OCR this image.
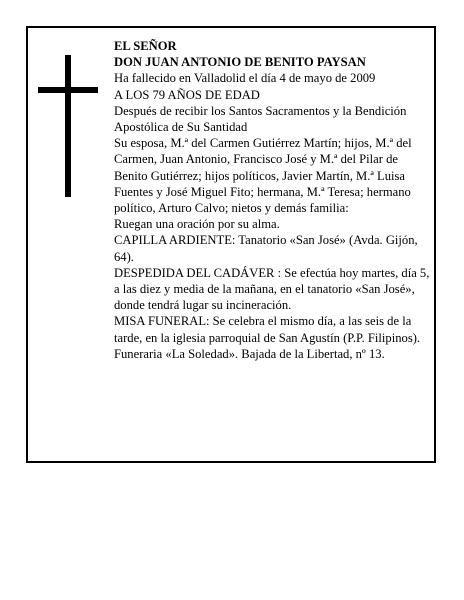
EL SEÑOR

DON JUAN ANTONIO DE BENITO PAYSAN

Ha fallecido en Valladolid el día 4 de mayo de 2009

A LOS 79 AÑOS DE EDAD

Después de recibir los Santos Sacramentos y la Bendición Apostólica de Su Santidad

Su esposa, M.ª del Carmen Gutiérrez Martín; hijos, M.ª del Carmen, Juan Antonio, Francisco José y M.ª del Pilar de Benito Gutiérrez; hijos políticos, Javier Martín, M.ª Luisa Fuentes y José Miguel Fito; hermana, M.ª Teresa; hermano político, Arturo Calvo; nietos y demás familia:

Ruegan una oración por su alma.

CAPILLA ARDIENTE: Tanatorio «San José» (Avda. Gijón, 64).

DESPEDIDA DEL CADÁVER : Se efectúa hoy martes, día 5, a las diez y media de la mañana, en el tanatorio «San José», donde tendrá lugar su incineración.

MISA FUNERAL: Se celebra el mismo día, a las seis de la tarde, en la iglesia parroquial de San Agustín (P.P. Filipinos).

Funeraria «La Soledad». Bajada de la Libertad, nº 13.
